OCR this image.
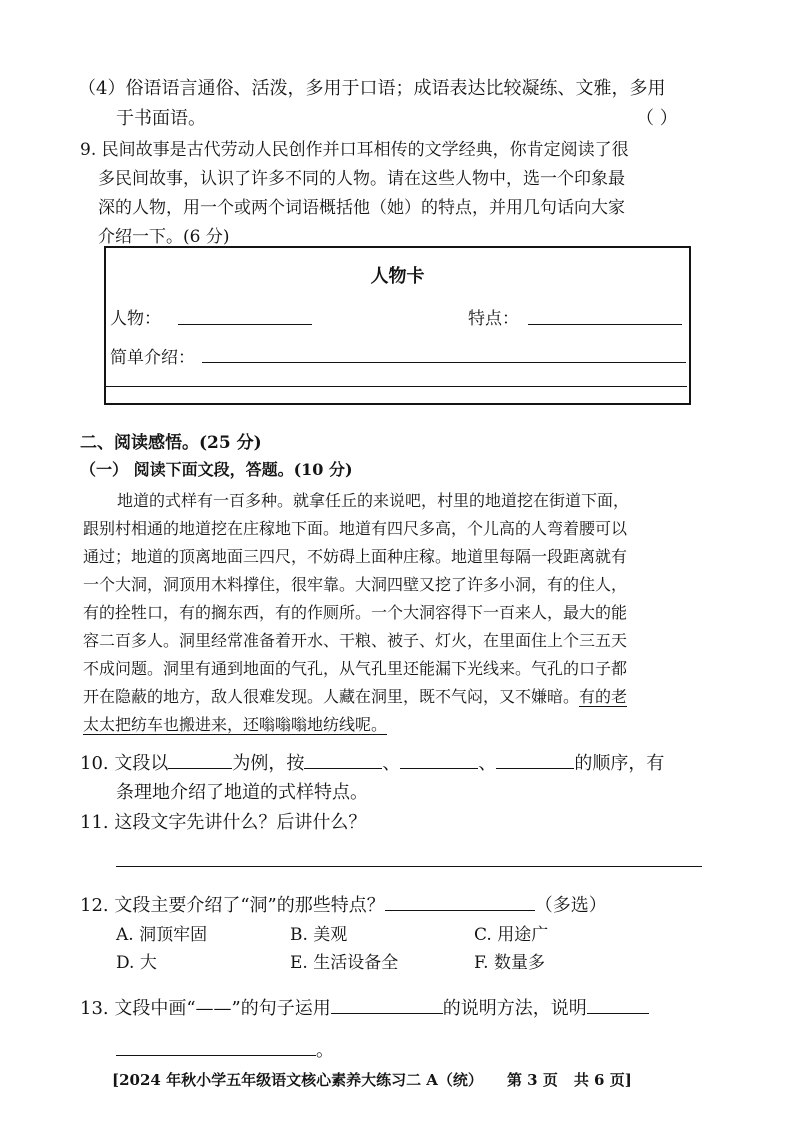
（4）俗语语言通俗、活泼，多用于口语；成语表达比较凝练、文雅，多用
于书面语。	（ ）
9. 民间故事是古代劳动人民创作并口耳相传的文学经典，你肯定阅读了很
多民间故事，认识了许多不同的人物。请在这些人物中，选一个印象最
深的人物，用一个或两个词语概括他（她）的特点，并用几句话向大家
介绍一下。(6 分)
人物卡
人物：	特点：
简单介绍：
二、阅读感悟。(25 分)
（一） 阅读下面文段，答题。(10 分)
地道的式样有一百多种。就拿任丘的来说吧，村里的地道挖在街道下面，
跟别村相通的地道挖在庄稼地下面。地道有四尺多高，个儿高的人弯着腰可以
通过；地道的顶离地面三四尺，不妨碍上面种庄稼。地道里每隔一段距离就有
一个大洞，洞顶用木料撑住，很牢靠。大洞四壁又挖了许多小洞，有的住人，
有的拴牲口，有的搁东西，有的作厕所。一个大洞容得下一百来人，最大的能
容二百多人。洞里经常准备着开水、干粮、被子、灯火，在里面住上个三五天
不成问题。洞里有通到地面的气孔，从气孔里还能漏下光线来。气孔的口子都
开在隐蔽的地方，敌人很难发现。人藏在洞里，既不气闷，又不嫌暗。有的老
太太把纺车也搬进来，还嗡嗡嗡地纺线呢。
10. 文段以	为例，按	、	、	的顺序，有
条理地介绍了地道的式样特点。
11. 这段文字先讲什么？后讲什么？
12. 文段主要介绍了“洞”的那些特点？	（多选）
A. 洞顶牢固	B. 美观	C. 用途广
D. 大	E. 生活设备全	F. 数量多
13. 文段中画“——”的句子运用	的说明方法，说明
。
[2024 年秋小学五年级语文核心素养大练习二 A（统） 第 3 页 共 6 页]
